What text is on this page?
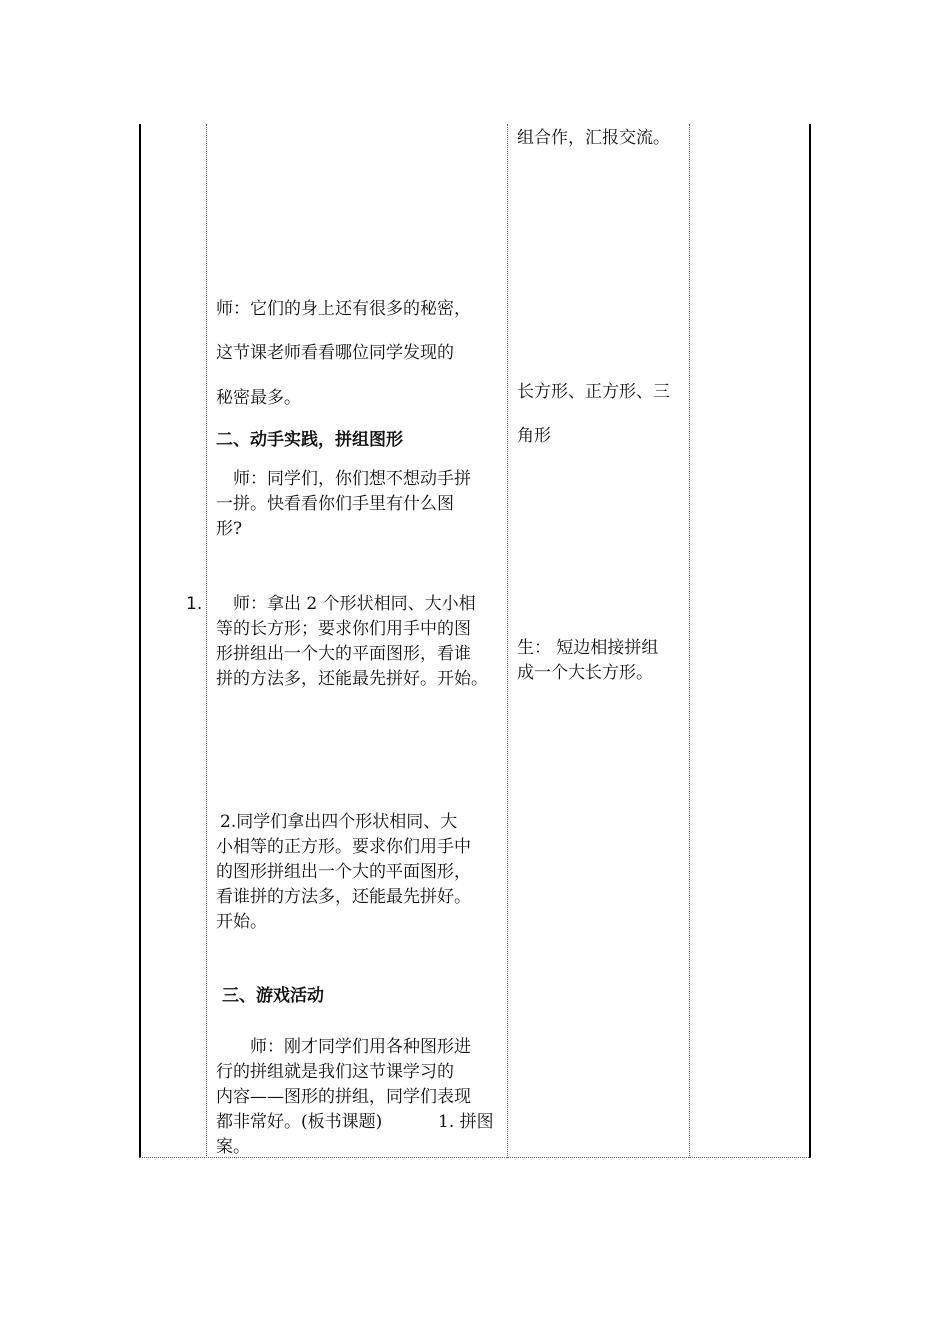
1.
师：它们的身上还有很多的秘密，
这节课老师看看哪位同学发现的
秘密最多。
二、动手实践，拼组图形
师：同学们，你们想不想动手拼
一拼。快看看你们手里有什么图
形?
师：拿出 2 个形状相同、大小相
等的长方形；要求你们用手中的图
形拼组出一个大的平面图形，看谁
拼的方法多，还能最先拼好。开始。
2.同学们拿出四个形状相同、大
小相等的正方形。要求你们用手中
的图形拼组出一个大的平面图形，
看谁拼的方法多，还能最先拼好。
开始。
三、游戏活动
师：刚才同学们用各种图形进
行的拼组就是我们这节课学习的
内容——图形的拼组，同学们表现
都非常好。(板书课题)	1. 拼图
案。
组合作，汇报交流。
长方形、正方形、三
角形
生： 短边相接拼组
成一个大长方形。
